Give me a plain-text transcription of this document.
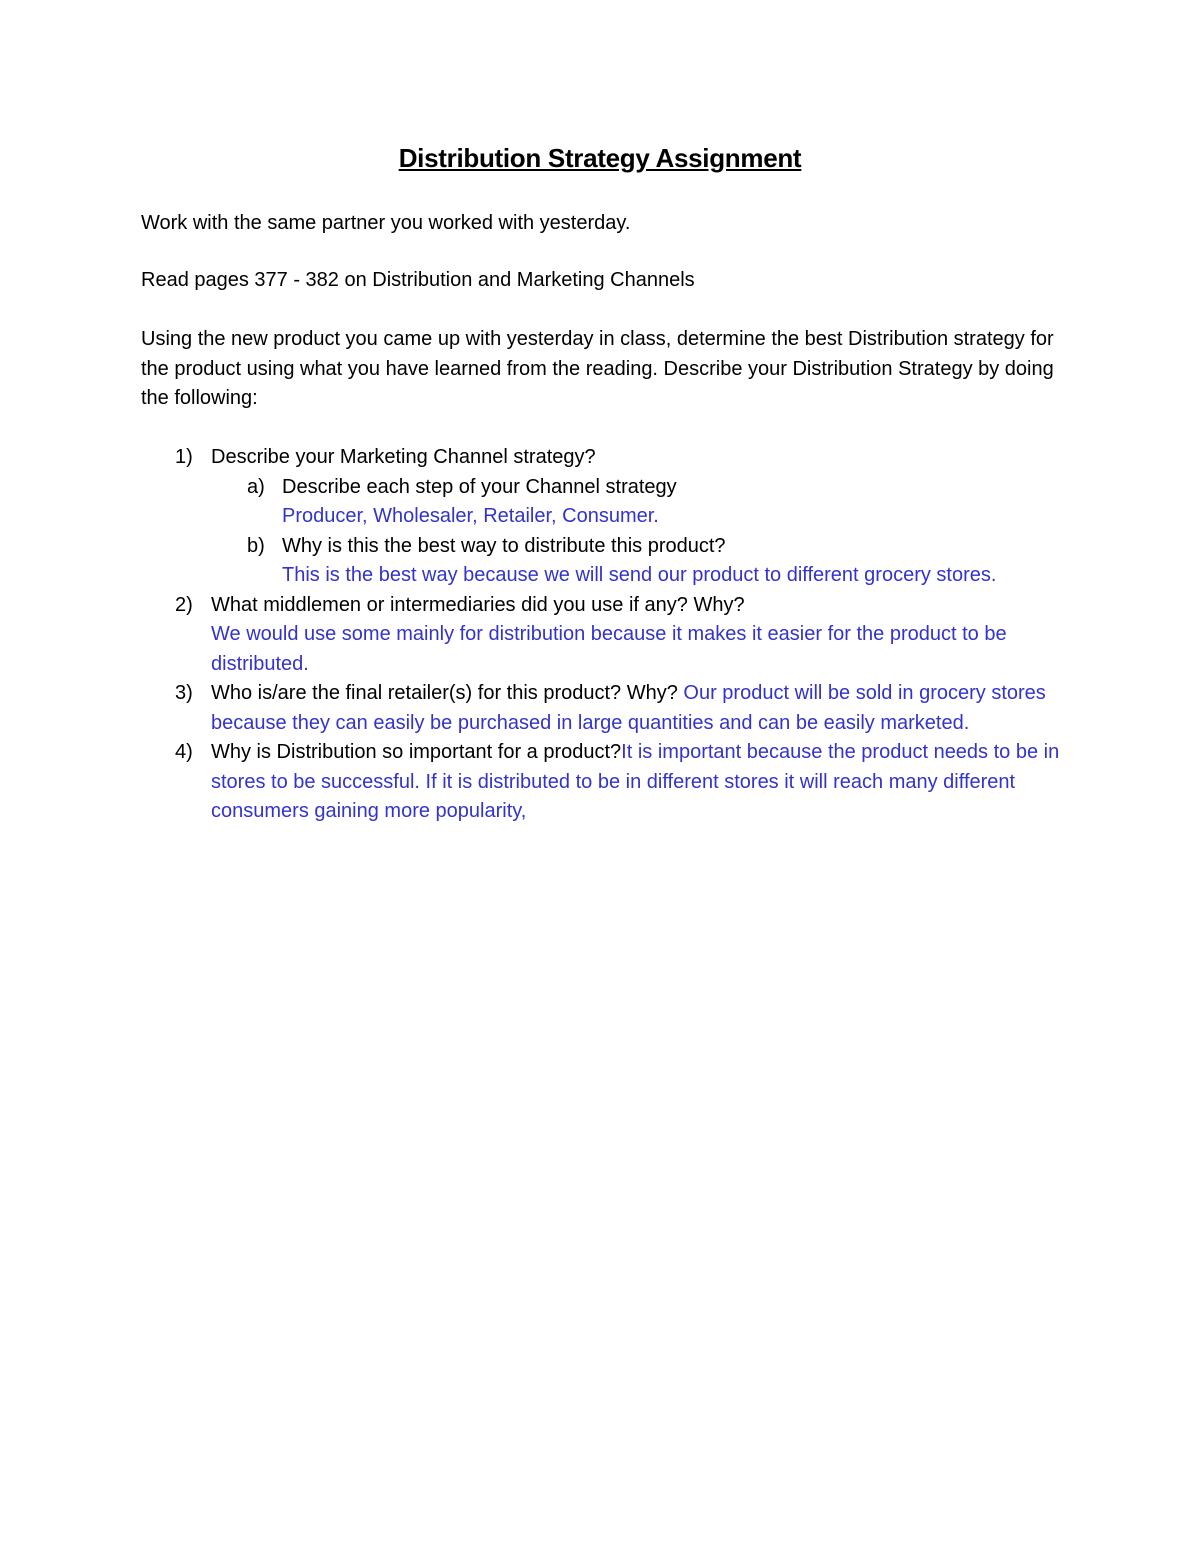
Distribution Strategy Assignment
Work with the same partner you worked with yesterday.
Read pages 377 - 382 on Distribution and Marketing Channels
Using the new product you came up with yesterday in class, determine the best Distribution strategy for the product using what you have learned from the reading. Describe your Distribution Strategy by doing the following:
1) Describe your Marketing Channel strategy?
a) Describe each step of your Channel strategy
Producer, Wholesaler, Retailer, Consumer.
b) Why is this the best way to distribute this product?
This is the best way because we will send our product to different grocery stores.
2) What middlemen or intermediaries did you use if any? Why?
We would use some mainly for distribution because it makes it easier for the product to be distributed.
3) Who is/are the final retailer(s) for this product? Why? Our product will be sold in grocery stores because they can easily be purchased in large quantities and can be easily marketed.
4) Why is Distribution so important for a product?It is important because the product needs to be in stores to be successful. If it is distributed to be in different stores it will reach many different consumers gaining more popularity,
